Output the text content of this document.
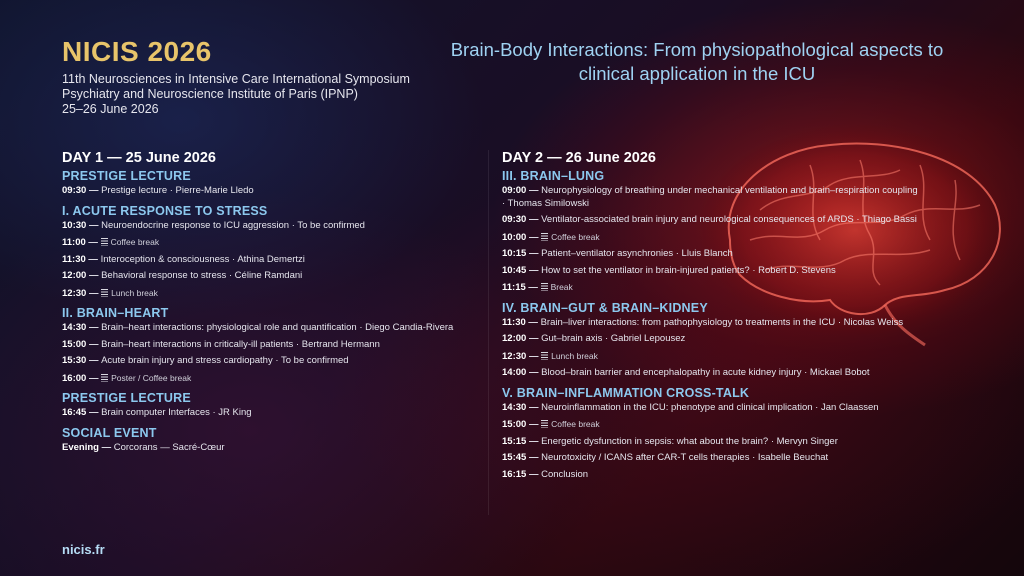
NICIS 2026
11th Neurosciences in Intensive Care International Symposium
Psychiatry and Neuroscience Institute of Paris (IPNP)
25–26 June 2026
Brain-Body Interactions: From physiopathological aspects to clinical application in the ICU
DAY 1 — 25 June 2026
PRESTIGE LECTURE
09:30 — Prestige lecture · Pierre-Marie Lledo
I. ACUTE RESPONSE TO STRESS
10:30 — Neuroendocrine response to ICU aggression · To be confirmed
11:00 — Coffee break
11:30 — Interoception & consciousness · Athina Demertzi
12:00 — Behavioral response to stress · Céline Ramdani
12:30 — Lunch break
II. BRAIN–HEART
14:30 — Brain–heart interactions: physiological role and quantification · Diego Candia-Rivera
15:00 — Brain–heart interactions in critically-ill patients · Bertrand Hermann
15:30 — Acute brain injury and stress cardiopathy · To be confirmed
16:00 — Poster / Coffee break
PRESTIGE LECTURE
16:45 — Brain computer Interfaces · JR King
SOCIAL EVENT
Evening — Corcorans — Sacré-Cœur
DAY 2 — 26 June 2026
III. BRAIN–LUNG
09:00 — Neurophysiology of breathing under mechanical ventilation and brain–respiration coupling · Thomas Similowski
09:30 — Ventilator-associated brain injury and neurological consequences of ARDS · Thiago Bassi
10:00 — Coffee break
10:15 — Patient–ventilator asynchronies · Lluis Blanch
10:45 — How to set the ventilator in brain-injured patients? · Robert D. Stevens
11:15 — Break
IV. BRAIN–GUT & BRAIN–KIDNEY
11:30 — Brain–liver interactions: from pathophysiology to treatments in the ICU · Nicolas Weiss
12:00 — Gut–brain axis · Gabriel Lepousez
12:30 — Lunch break
14:00 — Blood–brain barrier and encephalopathy in acute kidney injury · Mickael Bobot
V. BRAIN–INFLAMMATION CROSS-TALK
14:30 — Neuroinflammation in the ICU: phenotype and clinical implication · Jan Claassen
15:00 — Coffee break
15:15 — Energetic dysfunction in sepsis: what about the brain? · Mervyn Singer
15:45 — Neurotoxicity / ICANS after CAR-T cells therapies · Isabelle Beuchat
16:15 — Conclusion
nicis.fr
